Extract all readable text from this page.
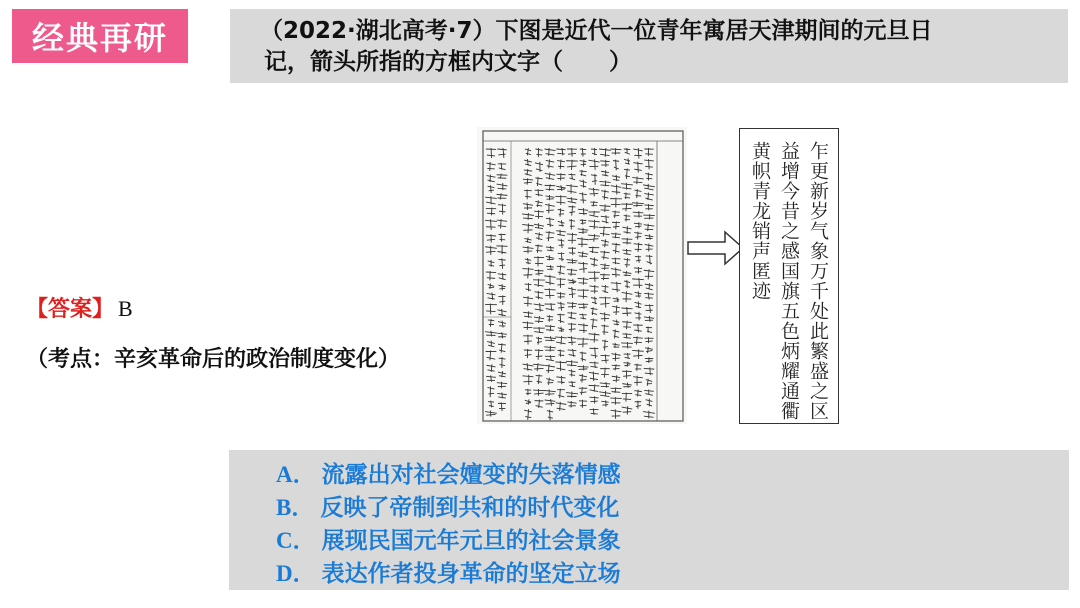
经典再研	（2022·湖北高考·7）下图是近代一位青年寓居天津期间的元旦日
记，箭头所指的方框内文字（　　）
【答案】 B
（考点：辛亥革命后的政治制度变化）	乍更新岁气象万千处此繁盛之区
益增今昔之感国旗五色炳耀通衢
黄帜青龙销声匿迹
A． 流露出对社会嬗变的失落情感
B． 反映了帝制到共和的时代变化
C． 展现民国元年元旦的社会景象
D． 表达作者投身革命的坚定立场
